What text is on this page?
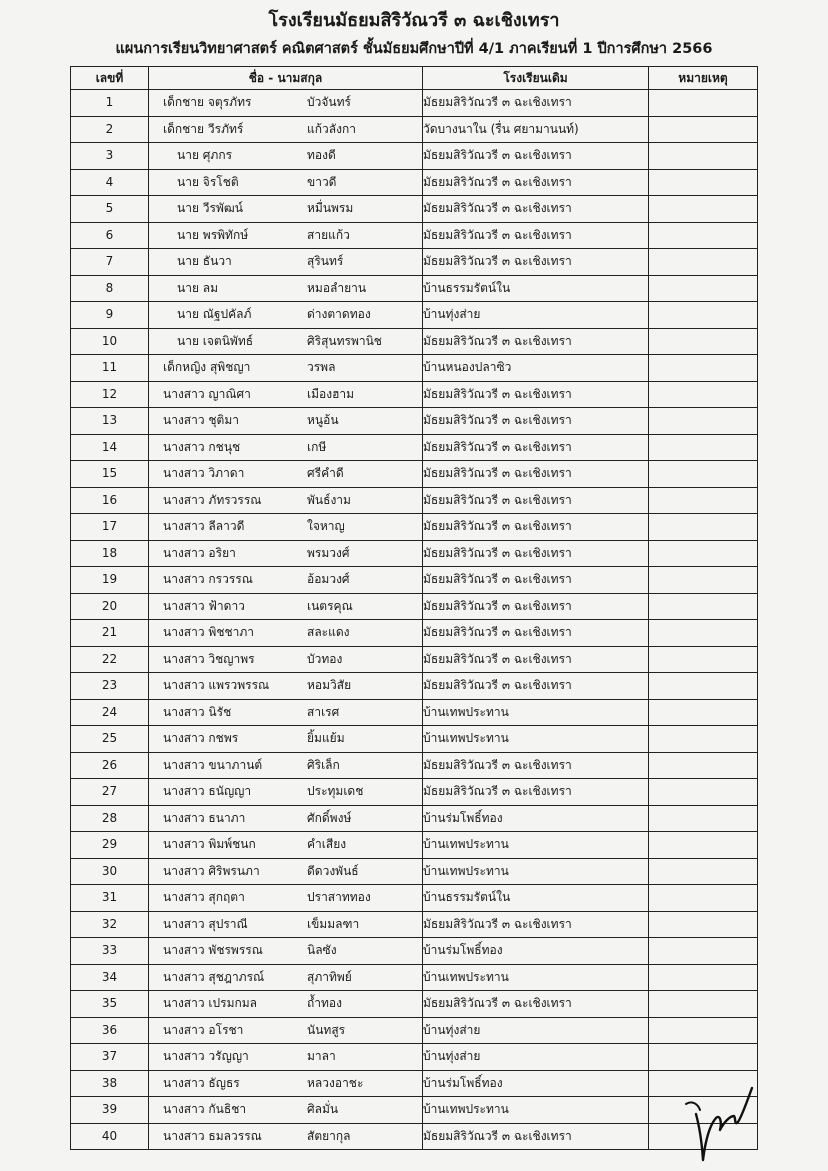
โรงเรียนมัธยมสิริวัณวรี ๓ ฉะเชิงเทรา
แผนการเรียนวิทยาศาสตร์ คณิตศาสตร์ ชั้นมัธยมศึกษาปีที่ 4/1 ภาคเรียนที่ 1 ปีการศึกษา 2566
เลขที่	ชื่อ - นามสกุล	โรงเรียนเดิม	หมายเหตุ
1	เด็กชาย จตุรภัทร บัวจันทร์	มัธยมสิริวัณวรี ๓ ฉะเชิงเทรา	
2	เด็กชาย วีรภัทร์ แก้วลังกา	วัดบางนาใน (รื่น ศยามานนท์)	
3	นาย ศุภกร ทองดี	มัธยมสิริวัณวรี ๓ ฉะเชิงเทรา	
4	นาย จิรโชติ ขาวดี	มัธยมสิริวัณวรี ๓ ฉะเชิงเทรา	
5	นาย วีรพัฒน์ หมื่นพรม	มัธยมสิริวัณวรี ๓ ฉะเชิงเทรา	
6	นาย พรพิทักษ์ สายแก้ว	มัธยมสิริวัณวรี ๓ ฉะเชิงเทรา	
7	นาย ธันวา สุรินทร์	มัธยมสิริวัณวรี ๓ ฉะเชิงเทรา	
8	นาย ลม หมอลำยาน	บ้านธรรมรัตน์ใน	
9	นาย ณัฐปคัลภ์ ด่างตาดทอง	บ้านทุ่งส่าย	
10	นาย เจตนิพัทธ์ ศิริสุนทรพานิช	มัธยมสิริวัณวรี ๓ ฉะเชิงเทรา	
11	เด็กหญิง สุพิชญา วรพล	บ้านหนองปลาซิว	
12	นางสาว ญาณิศา เมืองฮาม	มัธยมสิริวัณวรี ๓ ฉะเชิงเทรา	
13	นางสาว ชุติมา หนูอ้น	มัธยมสิริวัณวรี ๓ ฉะเชิงเทรา	
14	นางสาว กชนุช เกษี	มัธยมสิริวัณวรี ๓ ฉะเชิงเทรา	
15	นางสาว วิภาดา ศรีคำดี	มัธยมสิริวัณวรี ๓ ฉะเชิงเทรา	
16	นางสาว ภัทรวรรณ พันธ์งาม	มัธยมสิริวัณวรี ๓ ฉะเชิงเทรา	
17	นางสาว ลีลาวดี ใจหาญ	มัธยมสิริวัณวรี ๓ ฉะเชิงเทรา	
18	นางสาว อริยา พรมวงศ์	มัธยมสิริวัณวรี ๓ ฉะเชิงเทรา	
19	นางสาว กรวรรณ อ้อมวงศ์	มัธยมสิริวัณวรี ๓ ฉะเชิงเทรา	
20	นางสาว ฟ้าดาว เนตรคุณ	มัธยมสิริวัณวรี ๓ ฉะเชิงเทรา	
21	นางสาว พิชชาภา สละแดง	มัธยมสิริวัณวรี ๓ ฉะเชิงเทรา	
22	นางสาว วิชญาพร บัวทอง	มัธยมสิริวัณวรี ๓ ฉะเชิงเทรา	
23	นางสาว แพรวพรรณ หอมวิสัย	มัธยมสิริวัณวรี ๓ ฉะเชิงเทรา	
24	นางสาว นิรัช สาเรศ	บ้านเทพประทาน	
25	นางสาว กชพร ยิ้มแย้ม	บ้านเทพประทาน	
26	นางสาว ขนาภานต์ ศิริเล็ก	มัธยมสิริวัณวรี ๓ ฉะเชิงเทรา	
27	นางสาว ธนัญญา ประทุมเดช	มัธยมสิริวัณวรี ๓ ฉะเชิงเทรา	
28	นางสาว ธนาภา ศักดิ์พงษ์	บ้านร่มโพธิ์ทอง	
29	นางสาว พิมพ์ชนก คำเสียง	บ้านเทพประทาน	
30	นางสาว ศิริพรนภา ดีดวงพันธ์	บ้านเทพประทาน	
31	นางสาว สุกฤตา ปราสาททอง	บ้านธรรมรัตน์ใน	
32	นางสาว สุปราณี เข็มมลฑา	มัธยมสิริวัณวรี ๓ ฉะเชิงเทรา	
33	นางสาว พัชรพรรณ นิลซัง	บ้านร่มโพธิ์ทอง	
34	นางสาว สุชฎาภรณ์ สุภาทิพย์	บ้านเทพประทาน	
35	นางสาว เปรมกมล ถ้ำทอง	มัธยมสิริวัณวรี ๓ ฉะเชิงเทรา	
36	นางสาว อโรชา นันทสูร	บ้านทุ่งส่าย	
37	นางสาว วรัญญา มาลา	บ้านทุ่งส่าย	
38	นางสาว ธัญธร หลวงอาชะ	บ้านร่มโพธิ์ทอง	
39	นางสาว กันธิชา ศิลมั่น	บ้านเทพประทาน	
40	นางสาว ธมลวรรณ สัตยากุล	มัธยมสิริวัณวรี ๓ ฉะเชิงเทรา	
